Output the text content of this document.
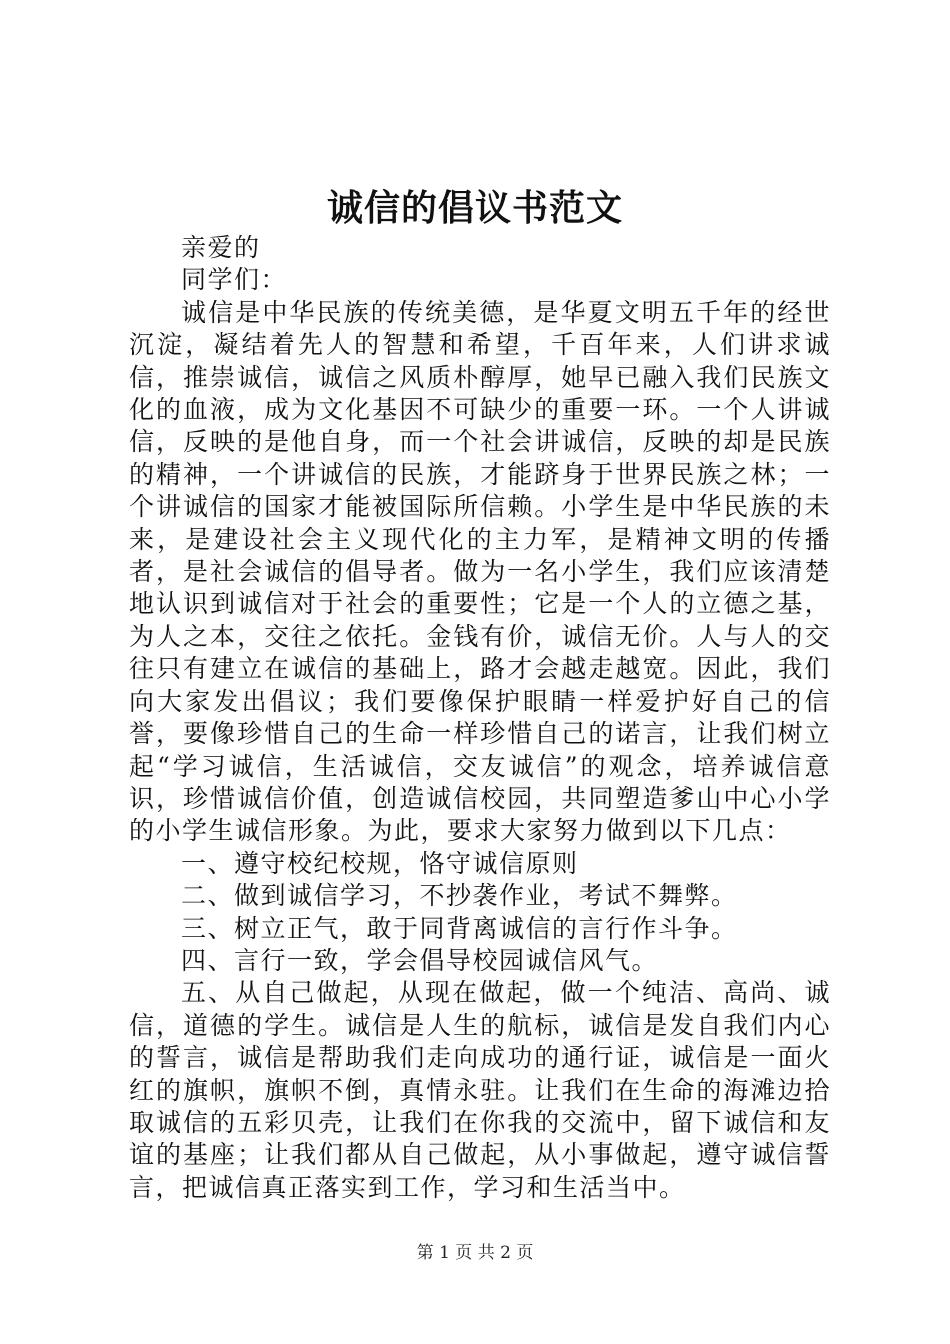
诚信的倡议书范文
亲爱的
同学们：

诚信是中华民族的传统美德，是华夏文明五千年的经世沉淀，凝结着先人的智慧和希望，千百年来，人们讲求诚信，推崇诚信，诚信之风质朴醇厚，她早已融入我们民族文化的血液，成为文化基因不可缺少的重要一环。一个人讲诚信，反映的是他自身，而一个社会讲诚信，反映的却是民族的精神，一个讲诚信的民族，才能跻身于世界民族之林；一个讲诚信的国家才能被国际所信赖。小学生是中华民族的未来，是建设社会主义现代化的主力军，是精神文明的传播者，是社会诚信的倡导者。做为一名小学生，我们应该清楚地认识到诚信对于社会的重要性；它是一个人的立德之基，为人之本，交往之依托。金钱有价，诚信无价。人与人的交往只有建立在诚信的基础上，路才会越走越宽。因此，我们向大家发出倡议；我们要像保护眼睛一样爱护好自己的信誉，要像珍惜自己的生命一样珍惜自己的诺言，让我们树立起“学习诚信，生活诚信，交友诚信”的观念，培养诚信意识，珍惜诚信价值，创造诚信校园，共同塑造爹山中心小学的小学生诚信形象。为此，要求大家努力做到以下几点：

一、遵守校纪校规，恪守诚信原则
二、做到诚信学习，不抄袭作业，考试不舞弊。
三、树立正气，敢于同背离诚信的言行作斗争。
四、言行一致，学会倡导校园诚信风气。

五、从自己做起，从现在做起，做一个纯洁、高尚、诚信，道德的学生。诚信是人生的航标，诚信是发自我们内心的誓言，诚信是帮助我们走向成功的通行证，诚信是一面火红的旗帜，旗帜不倒，真情永驻。让我们在生命的海滩边拾取诚信的五彩贝壳，让我们在你我的交流中，留下诚信和友谊的基座；让我们都从自己做起，从小事做起，遵守诚信誓言，把诚信真正落实到工作，学习和生活当中。

第 1 页 共 2 页
